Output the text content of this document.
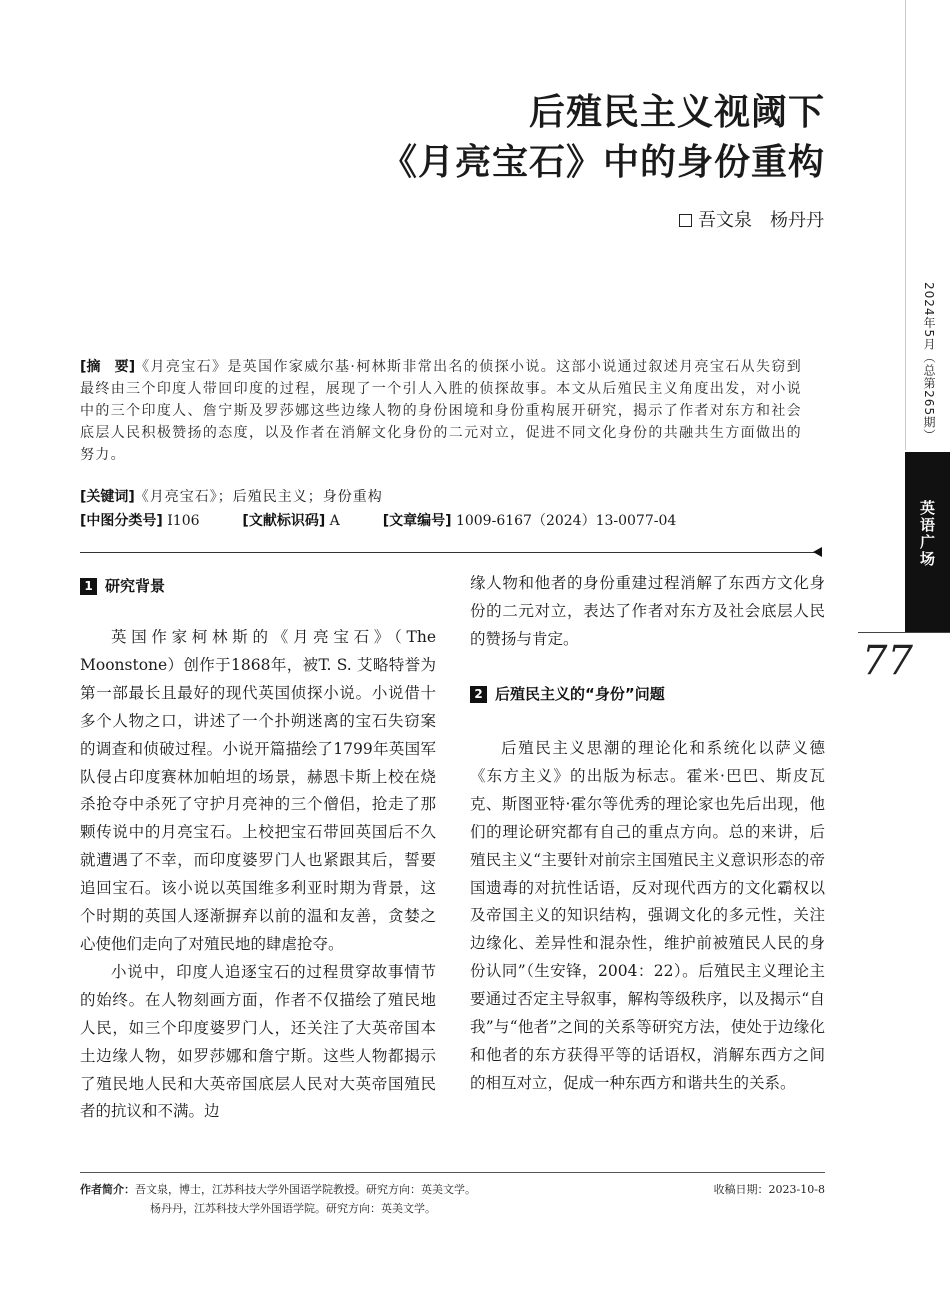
后殖民主义视阈下
《月亮宝石》中的身份重构
吾文泉　杨丹丹
2024年5月（总第265期）
英语广场
77
[摘　要]《月亮宝石》是英国作家威尔基·柯林斯非常出名的侦探小说。这部小说通过叙述月亮宝石从失窃到最终由三个印度人带回印度的过程，展现了一个引人入胜的侦探故事。本文从后殖民主义角度出发，对小说中的三个印度人、詹宁斯及罗莎娜这些边缘人物的身份困境和身份重构展开研究，揭示了作者对东方和社会底层人民积极赞扬的态度，以及作者在消解文化身份的二元对立，促进不同文化身份的共融共生方面做出的努力。
[关键词]《月亮宝石》；后殖民主义；身份重构
[中图分类号] I106	[文献标识码] A	[文章编号] 1009-6167（2024）13-0077-04
1 研究背景

英国作家柯林斯的《月亮宝石》（The Moonstone）创作于1868年，被T. S. 艾略特誉为第一部最长且最好的现代英国侦探小说。小说借十多个人物之口，讲述了一个扑朔迷离的宝石失窃案的调查和侦破过程。小说开篇描绘了1799年英国军队侵占印度赛林加帕坦的场景，赫恩卡斯上校在烧杀抢夺中杀死了守护月亮神的三个僧侣，抢走了那颗传说中的月亮宝石。上校把宝石带回英国后不久就遭遇了不幸，而印度婆罗门人也紧跟其后，誓要追回宝石。该小说以英国维多利亚时期为背景，这个时期的英国人逐渐摒弃以前的温和友善，贪婪之心使他们走向了对殖民地的肆虐抢夺。

小说中，印度人追逐宝石的过程贯穿故事情节的始终。在人物刻画方面，作者不仅描绘了殖民地人民，如三个印度婆罗门人，还关注了大英帝国本土边缘人物，如罗莎娜和詹宁斯。这些人物都揭示了殖民地人民和大英帝国底层人民对大英帝国殖民者的抗议和不满。边

缘人物和他者的身份重建过程消解了东西方文化身份的二元对立，表达了作者对东方及社会底层人民的赞扬与肯定。

2 后殖民主义的“身份”问题

后殖民主义思潮的理论化和系统化以萨义德《东方主义》的出版为标志。霍米·巴巴、斯皮瓦克、斯图亚特·霍尔等优秀的理论家也先后出现，他们的理论研究都有自己的重点方向。总的来讲，后殖民主义“主要针对前宗主国殖民主义意识形态的帝国遗毒的对抗性话语，反对现代西方的文化霸权以及帝国主义的知识结构，强调文化的多元性，关注边缘化、差异性和混杂性，维护前被殖民人民的身份认同”（生安锋，2004：22）。后殖民主义理论主要通过否定主导叙事，解构等级秩序，以及揭示“自我”与“他者”之间的关系等研究方法，使处于边缘化和他者的东方获得平等的话语权，消解东西方之间的相互对立，促成一种东西方和谐共生的关系。

作者简介：吾文泉，博士，江苏科技大学外国语学院教授。研究方向：英美文学。
杨丹丹，江苏科技大学外国语学院。研究方向：英美文学。
收稿日期：2023-10-8
